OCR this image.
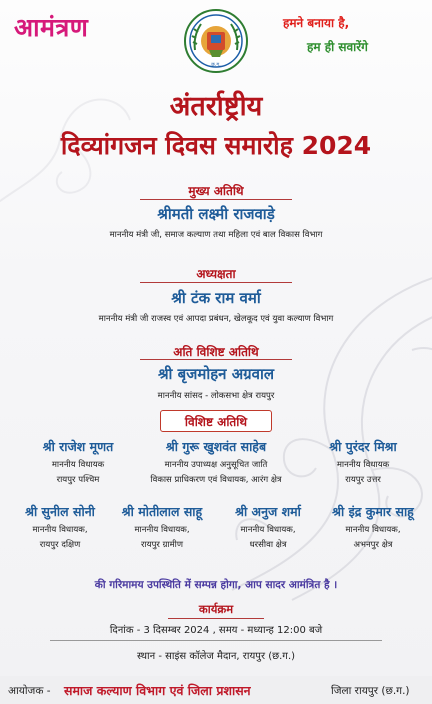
आमंत्रण
छ.ग.
हमने बनाया है,
हम ही सवारेंगे
अंतर्राष्ट्रीय
दिव्यांगजन दिवस समारोह 2024
मुख्य अतिथि
श्रीमती लक्ष्मी राजवाड़े
माननीय मंत्री जी, समाज कल्याण तथा महिला एवं बाल विकास विभाग
अध्यक्षता
श्री टंक राम वर्मा
माननीय मंत्री जी राजस्व एवं आपदा प्रबंधन, खेलकूद एवं युवा कल्याण विभाग
अति विशिष्ट अतिथि
श्री बृजमोहन अग्रवाल
माननीय सांसद - लोकसभा क्षेत्र रायपुर
विशिष्ट अतिथि
श्री राजेश मूणत
माननीय विधायक
रायपुर पश्चिम
श्री गुरू खुशवंत साहेब
माननीय उपाध्यक्ष अनुसूचित जाति
विकास प्राधिकरण एवं विधायक, आरंग क्षेत्र
श्री पुरंदर मिश्रा
माननीय विधायक
रायपुर उत्तर
श्री सुनील सोनी
माननीय विधायक,
रायपुर दक्षिण
श्री मोतीलाल साहू
माननीय विधायक,
रायपुर ग्रामीण
श्री अनुज शर्मा
माननीय विधायक,
धरसीवा क्षेत्र
श्री इंद्र कुमार साहू
माननीय विधायक,
अभनपुर क्षेत्र
की गरिमामय उपस्थिति में सम्पन्न होगा, आप सादर आमंत्रित है ।
कार्यक्रम
दिनांक - 3 दिसम्बर 2024 , समय - मध्यान्ह 12:00 बजे
स्थान - साइंस कॉलेज मैदान, रायपुर (छ.ग.)
आयोजक - समाज कल्याण विभाग एवं जिला प्रशासन	जिला रायपुर (छ.ग.)
